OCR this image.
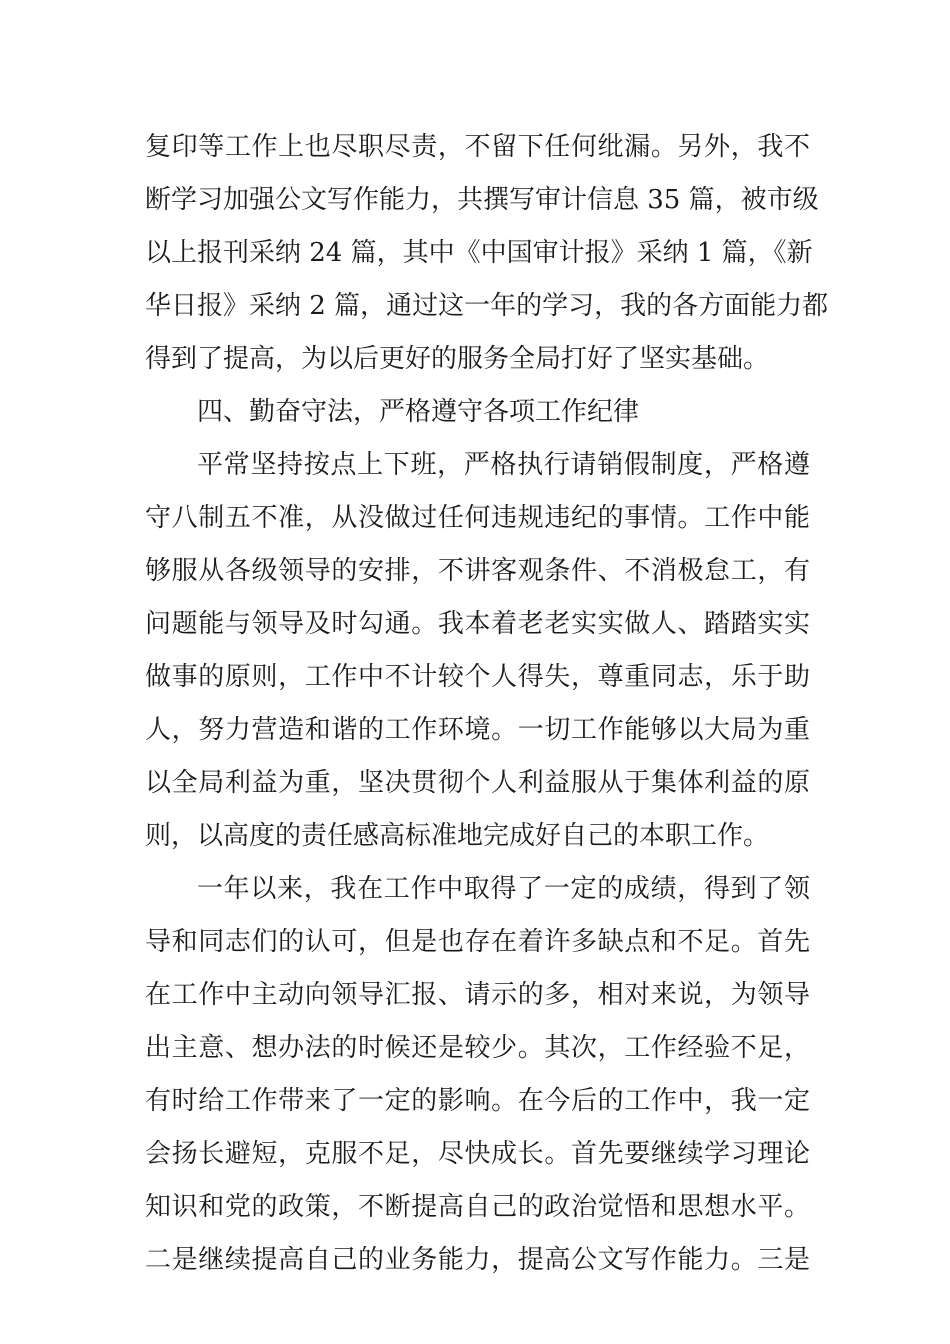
复印等工作上也尽职尽责，不留下任何纰漏。另外，我不
断学习加强公文写作能力，共撰写审计信息 35 篇，被市级
以上报刊采纳 24 篇，其中《中国审计报》采纳 1 篇，《新
华日报》采纳 2 篇，通过这一年的学习，我的各方面能力都
得到了提高，为以后更好的服务全局打好了坚实基础。
四、勤奋守法，严格遵守各项工作纪律
平常坚持按点上下班，严格执行请销假制度，严格遵
守八制五不准，从没做过任何违规违纪的事情。工作中能
够服从各级领导的安排，不讲客观条件、不消极怠工，有
问题能与领导及时勾通。我本着老老实实做人、踏踏实实
做事的原则，工作中不计较个人得失，尊重同志，乐于助
人，努力营造和谐的工作环境。一切工作能够以大局为重
以全局利益为重，坚决贯彻个人利益服从于集体利益的原
则，以高度的责任感高标准地完成好自己的本职工作。
一年以来，我在工作中取得了一定的成绩，得到了领
导和同志们的认可，但是也存在着许多缺点和不足。首先
在工作中主动向领导汇报、请示的多，相对来说，为领导
出主意、想办法的时候还是较少。其次，工作经验不足，
有时给工作带来了一定的影响。在今后的工作中，我一定
会扬长避短，克服不足，尽快成长。首先要继续学习理论
知识和党的政策，不断提高自己的政治觉悟和思想水平。
二是继续提高自己的业务能力，提高公文写作能力。三是
